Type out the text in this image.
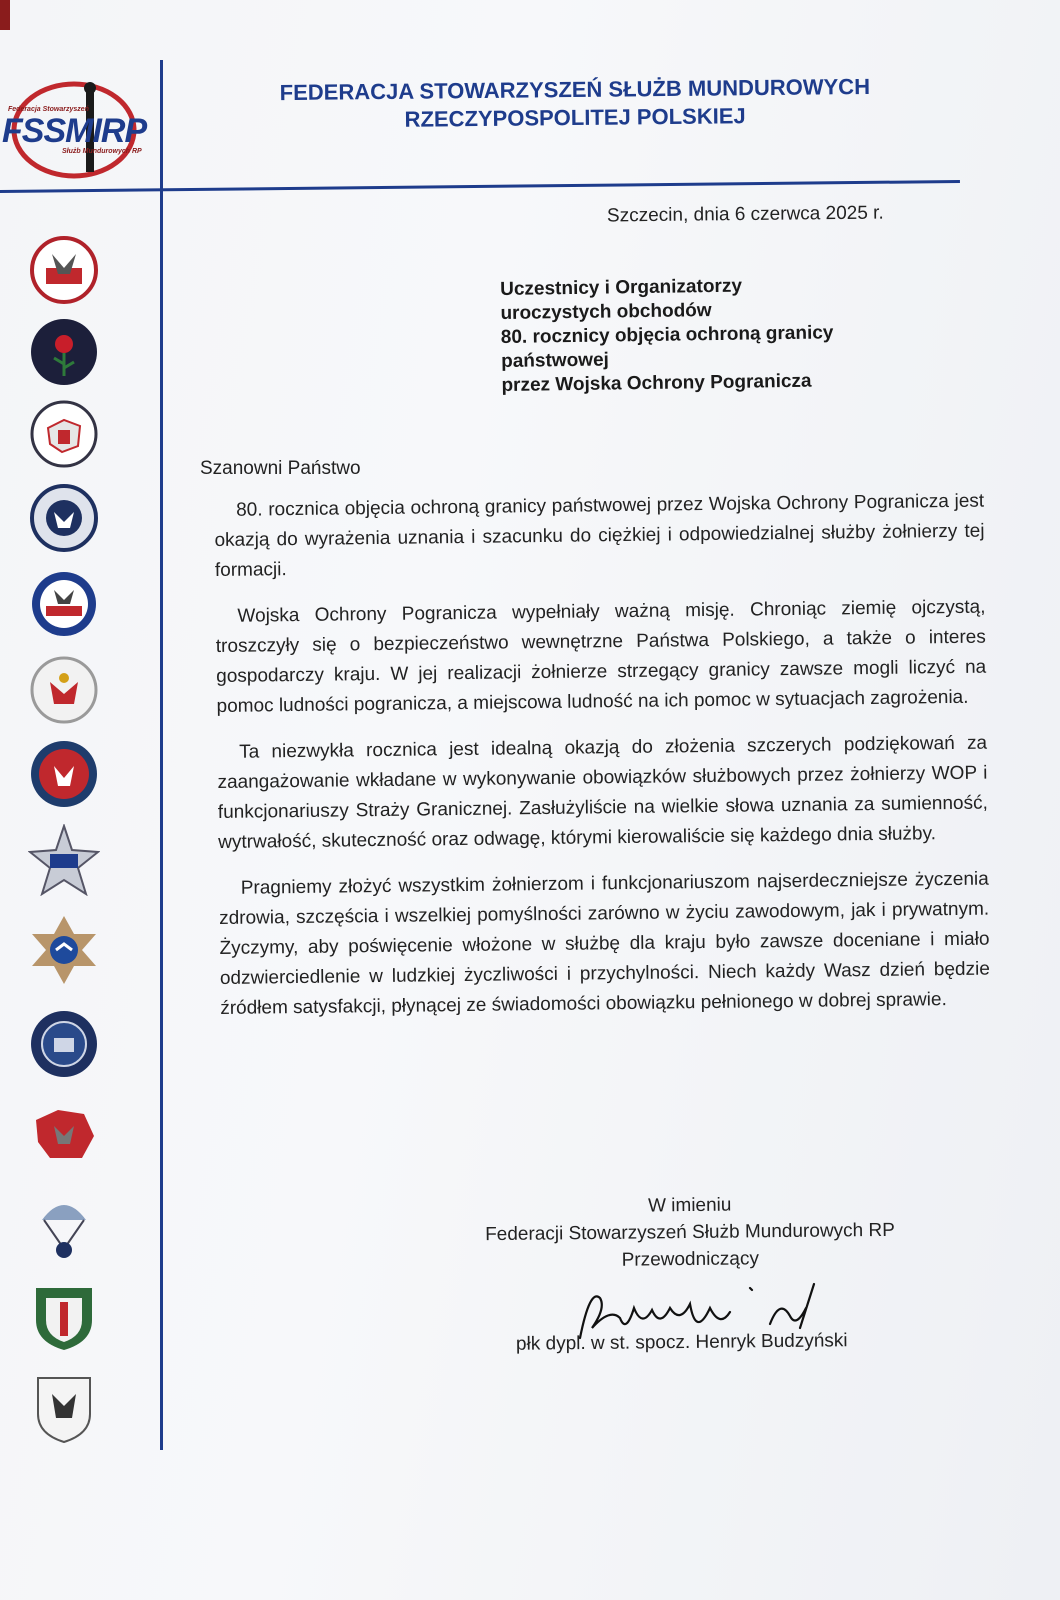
Federacja Stowarzyszeń
FSSMIRP
Służb Mundurowych RP
FEDERACJA STOWARZYSZEŃ SŁUŻB MUNDUROWYCH
RZECZYPOSPOLITEJ POLSKIEJ
Szczecin, dnia 6 czerwca 2025 r.
Uczestnicy i Organizatorzy
uroczystych obchodów
80. rocznicy objęcia ochroną granicy
państwowej
przez Wojska Ochrony Pogranicza
Szanowni Państwo

80. rocznica objęcia ochroną granicy państwowej przez Wojska Ochrony Pogranicza jest okazją do wyrażenia uznania i szacunku do ciężkiej i odpowiedzialnej służby żołnierzy tej formacji.

Wojska Ochrony Pogranicza wypełniały ważną misję. Chroniąc ziemię ojczystą, troszczyły się o bezpieczeństwo wewnętrzne Państwa Polskiego, a także o interes gospodarczy kraju. W jej realizacji żołnierze strzegący granicy zawsze mogli liczyć na pomoc ludności pogranicza, a miejscowa ludność na ich pomoc w sytuacjach zagrożenia.

Ta niezwykła rocznica jest idealną okazją do złożenia szczerych podziękowań za zaangażowanie wkładane w wykonywanie obowiązków służbowych przez żołnierzy WOP i funkcjonariuszy Straży Granicznej. Zasłużyliście na wielkie słowa uznania za sumienność, wytrwałość, skuteczność oraz odwagę, którymi kierowaliście się każdego dnia służby.

Pragniemy złożyć wszystkim żołnierzom i funkcjonariuszom najserdeczniejsze życzenia zdrowia, szczęścia i wszelkiej pomyślności zarówno w życiu zawodowym, jak i prywatnym. Życzymy, aby poświęcenie włożone w służbę dla kraju było zawsze doceniane i miało odzwierciedlenie w ludzkiej życzliwości i przychylności. Niech każdy Wasz dzień będzie źródłem satysfakcji, płynącej ze świadomości obowiązku pełnionego w dobrej sprawie.

W imieniu
Federacji Stowarzyszeń Służb Mundurowych RP
Przewodniczący
płk dypl. w st. spocz. Henryk Budzyński
